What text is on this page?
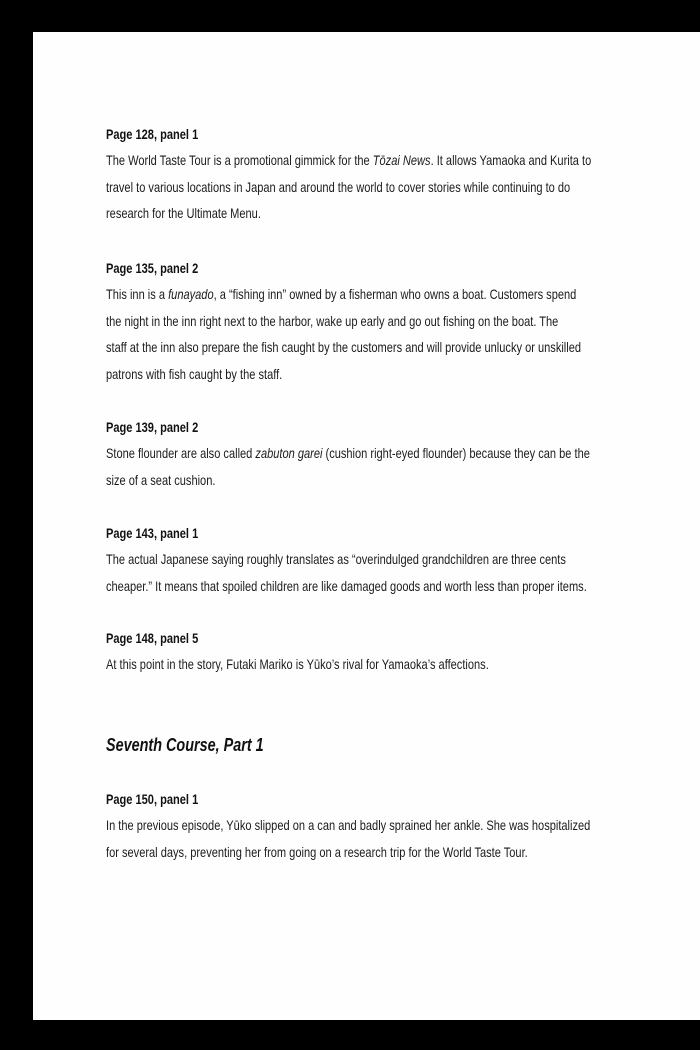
Page 128, panel 1
The World Taste Tour is a promotional gimmick for the Tōzai News. It allows Yamaoka and Kurita to
travel to various locations in Japan and around the world to cover stories while continuing to do
research for the Ultimate Menu.
Page 135, panel 2
This inn is a funayado, a “fishing inn” owned by a fisherman who owns a boat. Customers spend
the night in the inn right next to the harbor, wake up early and go out fishing on the boat. The
staff at the inn also prepare the fish caught by the customers and will provide unlucky or unskilled
patrons with fish caught by the staff.
Page 139, panel 2
Stone flounder are also called zabuton garei (cushion right-eyed flounder) because they can be the
size of a seat cushion.
Page 143, panel 1
The actual Japanese saying roughly translates as “overindulged grandchildren are three cents
cheaper.” It means that spoiled children are like damaged goods and worth less than proper items.
Page 148, panel 5
At this point in the story, Futaki Mariko is Yūko’s rival for Yamaoka’s affections.
Seventh Course, Part 1
Page 150, panel 1
In the previous episode, Yūko slipped on a can and badly sprained her ankle. She was hospitalized
for several days, preventing her from going on a research trip for the World Taste Tour.
